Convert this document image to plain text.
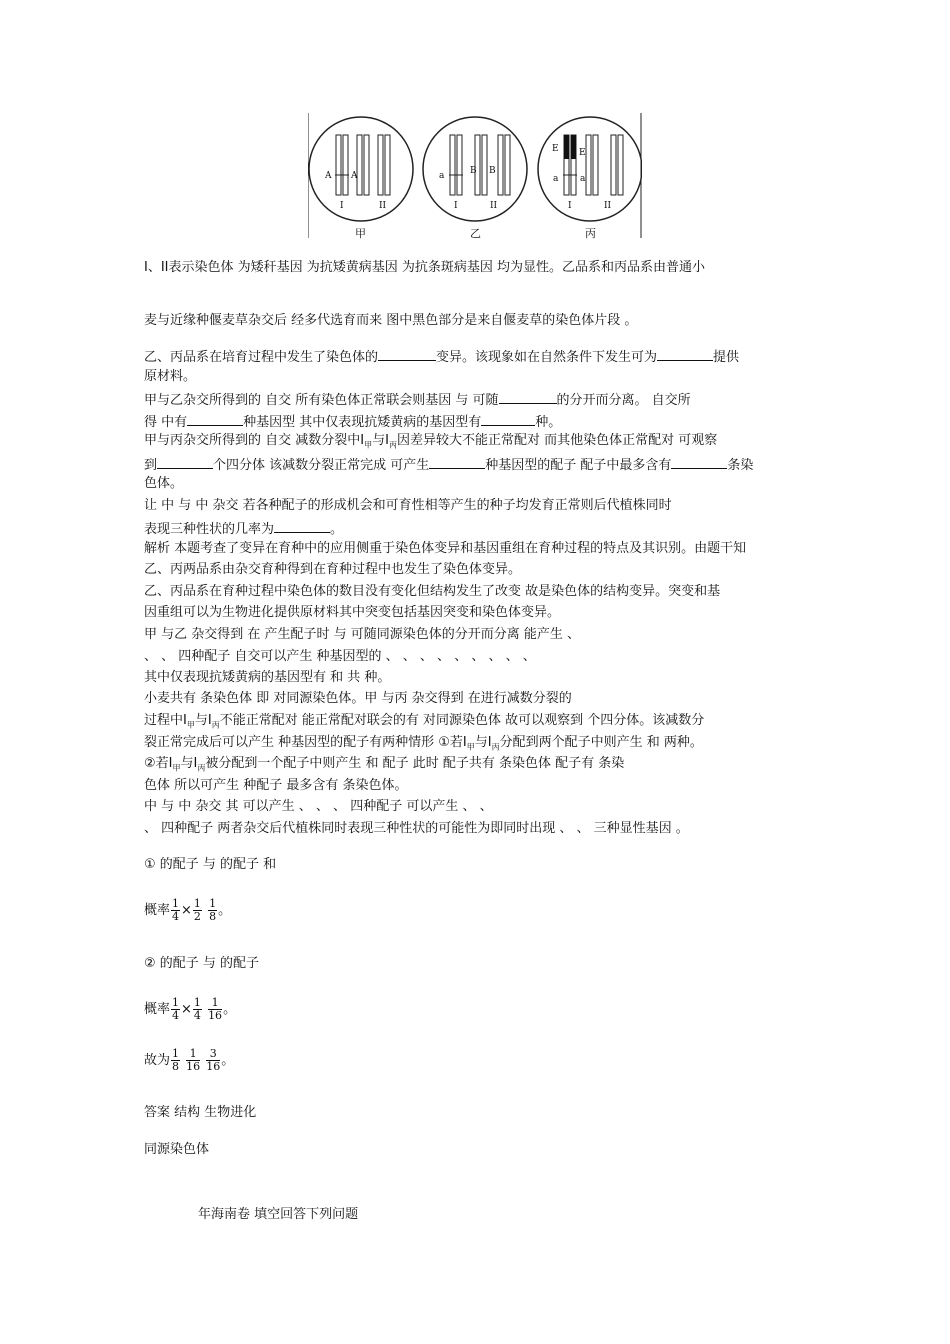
A A
I	II
a	B B
I	II
E E
a a
I	II
甲	乙	丙
I、II表示染色体 为矮秆基因 为抗矮黄病基因 为抗条斑病基因 均为显性。乙品系和丙品系由普通小
麦与近缘种偃麦草杂交后 经多代选育而来 图中黑色部分是来自偃麦草的染色体片段 。
乙、丙品系在培育过程中发生了染色体的	变异。该现象如在自然条件下发生可为	提供
原材料。
甲与乙杂交所得到的 自交 所有染色体正常联会则基因 与 可随	的分开而分离。 自交所
得 中有	种基因型 其中仅表现抗矮黄病的基因型有	种。
甲与丙杂交所得到的 自交 减数分裂中$I_甲$与$I_丙$因差异较大不能正常配对 而其他染色体正常配对 可观察
到	个四分体 该减数分裂正常完成 可产生	种基因型的配子 配子中最多含有	条染
色体。
让 中 与 中 杂交 若各种配子的形成机会和可育性相等产生的种子均发育正常则后代植株同时
表现三种性状的几率为	。
解析 本题考查了变异在育种中的应用侧重于染色体变异和基因重组在育种过程的特点及其识别。由题干知
乙、丙两品系由杂交育种得到在育种过程中也发生了染色体变异。
乙、丙品系在育种过程中染色体的数目没有变化但结构发生了改变 故是染色体的结构变异。突变和基
因重组可以为生物进化提供原材料其中突变包括基因突变和染色体变异。
甲 与乙 杂交得到 在 产生配子时 与 可随同源染色体的分开而分离 能产生 、
、 、 四种配子 自交可以产生 种基因型的 、 、 、 、 、 、 、 、 、
其中仅表现抗矮黄病的基因型有 和 共 种。
小麦共有 条染色体 即 对同源染色体。甲 与丙 杂交得到 在进行减数分裂的
过程中$I_甲$与$I_丙$不能正常配对 能正常配对联会的有 对同源染色体 故可以观察到 个四分体。该减数分
裂正常完成后可以产生 种基因型的配子有两种情形 ①若$I_甲$与$I_丙$分配到两个配子中则产生 和 两种。
②若$I_甲$与$I_丙$被分配到一个配子中则产生 和 配子 此时 配子共有 条染色体 配子有 条染
色体 所以可产生 种配子 最多含有 条染色体。
中 与 中 杂交 其 可以产生 、 、 、 四种配子 可以产生 、 、
、 四种配子 两者杂交后代植株同时表现三种性状的可能性为即同时出现 、 、 三种显性基因 。
① 的配子 与 的配子 和
概率 $\frac{1}{4} \times \frac{1}{2}$
$\frac{1}{8}$ 。
② 的配子 与 的配子
概率 $\frac{1}{4} \times \frac{1}{4}$
$\frac{1}{16}$ 。
故为 $\frac{1}{8}$
$\frac{1}{16}$
$\frac{3}{16}$ 。
答案 结构 生物进化
同源染色体
年海南卷 填空回答下列问题
